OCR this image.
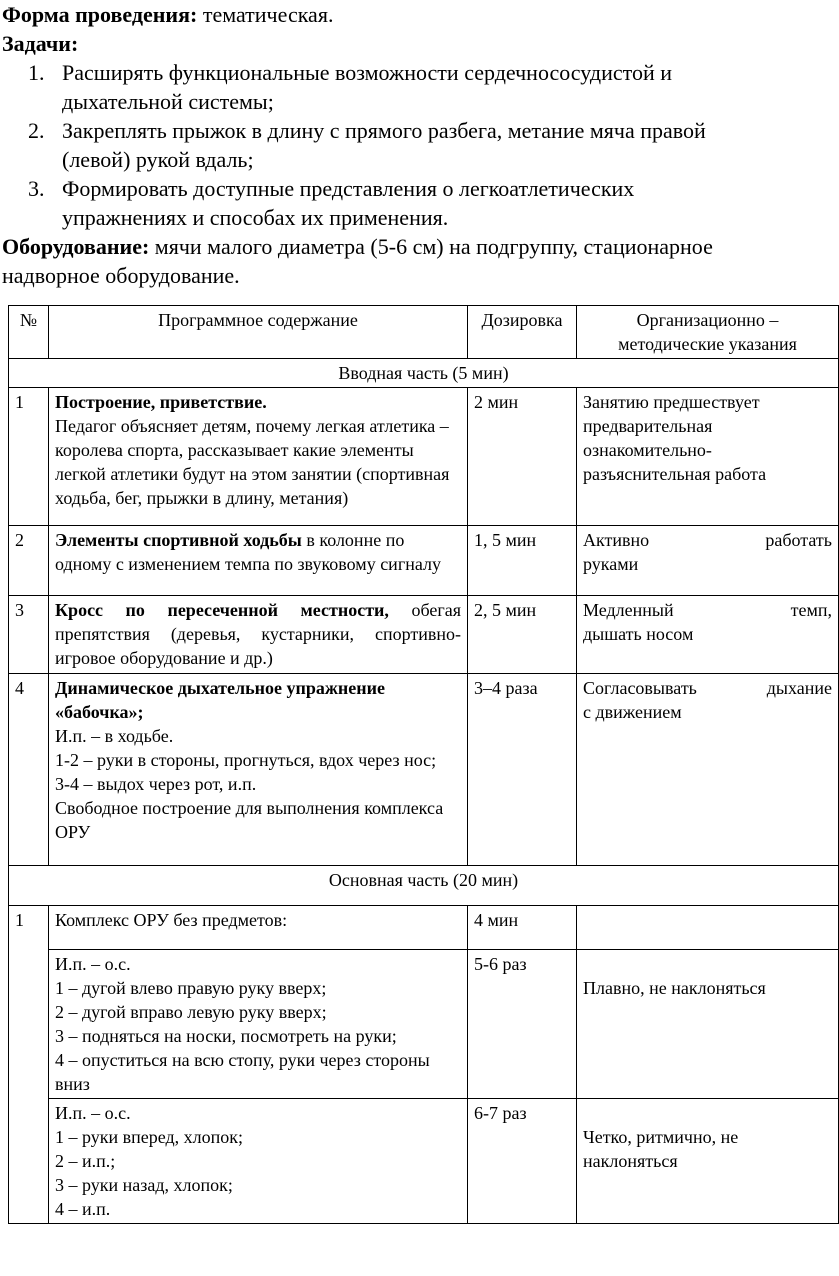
Форма проведения: тематическая.

Задачи:

1. Расширять функциональные возможности сердечнососудистой и
дыхательной системы;
2. Закреплять прыжок в длину с прямого разбега, метание мяча правой
(левой) рукой вдаль;
3. Формировать доступные представления о легкоатлетических
упражнениях и способах их применения.

Оборудование: мячи малого диаметра (5-6 см) на подгруппу, стационарное
надворное оборудование.

№	Программное содержание	Дозировка	Организационно –
методические указания
Вводная часть (5 мин)			
1	Построение, приветствие.
Педагог объясняет детям, почему легкая атлетика – королева спорта, рассказывает какие элементы легкой атлетики будут на этом занятии (спортивная ходьба, бег, прыжки в длину, метания)	2 мин	Занятию предшествует предварительная ознакомительно-разъяснительная работа
2	Элементы спортивной ходьбы в колонне по одному с изменением темпа по звуковому сигналу	1, 5 мин	Активно работать
руками
3	Кросс по пересеченной местности, обегая препятствия (деревья, кустарники, спортивно-игровое оборудование и др.)	2, 5 мин	Медленный темп,
дышать носом
4	Динамическое дыхательное упражнение «бабочка»;
И.п. – в ходьбе.
1-2 – руки в стороны, прогнуться, вдох через нос;
3-4 – выдох через рот, и.п.

Свободное построение для выполнения комплекса ОРУ	3–4 раза	Согласовывать дыхание
с движением
Основная часть (20 мин)			
1	Комплекс ОРУ без предметов:	4 мин	
	И.п. – о.с.
1 – дугой влево правую руку вверх;
2 – дугой вправо левую руку вверх;
3 – подняться на носки, посмотреть на руки;
4 – опуститься на всю стопу, руки через стороны вниз	5-6 раз	Плавно, не наклоняться
	И.п. – о.с.
1 – руки вперед, хлопок;
2 – и.п.;
3 – руки назад, хлопок;
4 – и.п.	6-7 раз	Четко, ритмично, не наклоняться
